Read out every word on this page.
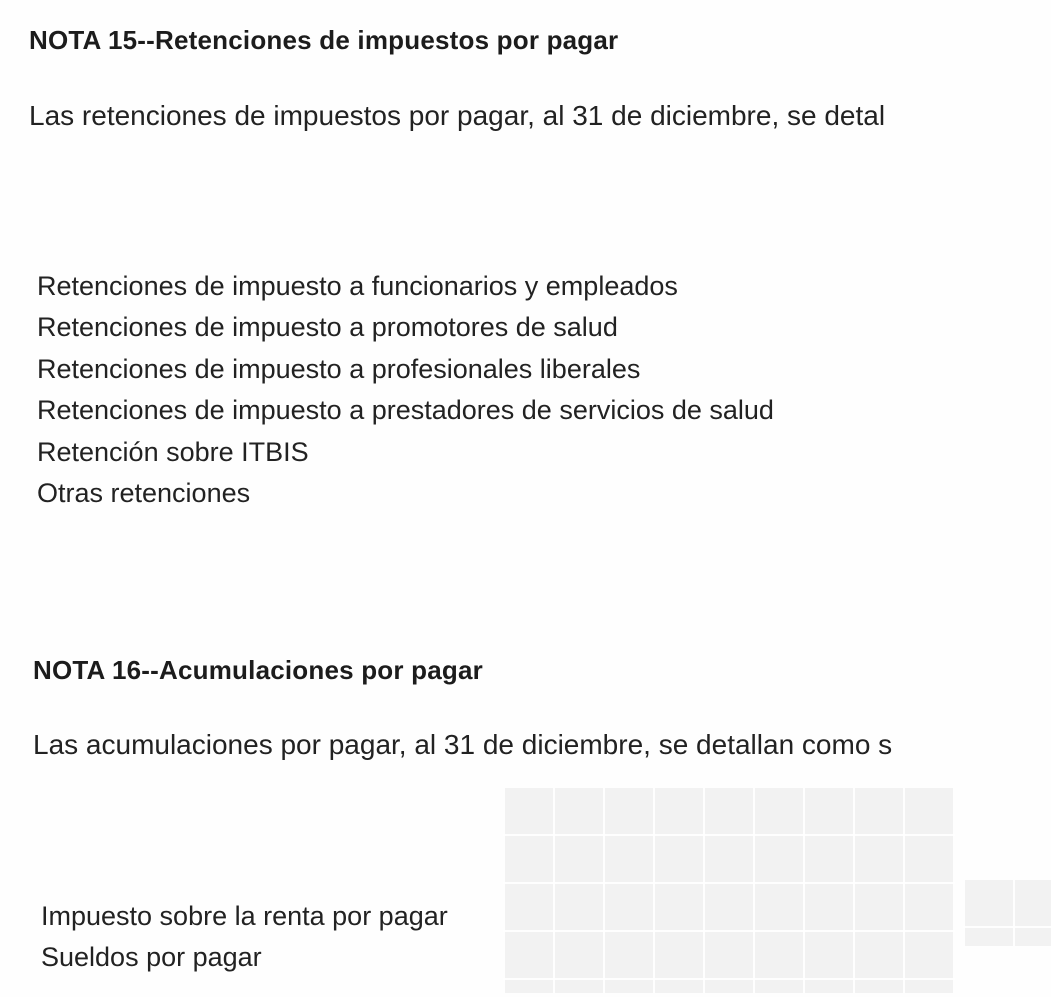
NOTA 15--Retenciones de impuestos por pagar
Las retenciones de impuestos por pagar, al 31 de diciembre, se detal
Retenciones de impuesto a funcionarios y empleados
Retenciones de impuesto a promotores de salud
Retenciones de impuesto a profesionales liberales
Retenciones de impuesto a prestadores de servicios de salud
Retención sobre ITBIS
Otras retenciones
NOTA 16--Acumulaciones por pagar
Las acumulaciones por pagar, al 31 de diciembre, se detallan como s
Impuesto sobre la renta por pagar
Sueldos por pagar
